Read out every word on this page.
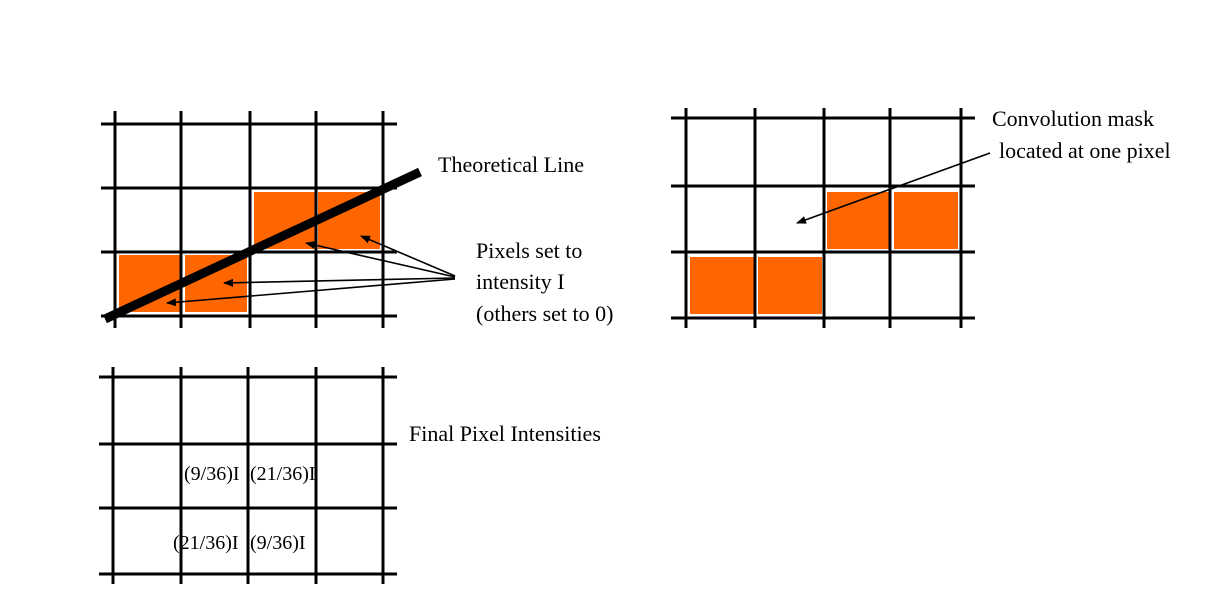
Theoretical Line
Pixels set to
intensity I
(others set to 0)
Convolution mask
located at one pixel
Final Pixel Intensities
(9/36)I (21/36)I
(21/36)I (9/36)I
